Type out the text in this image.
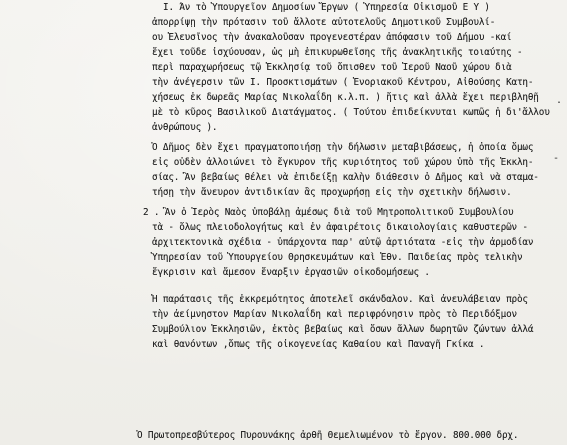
Ι. Άν τὸ Ὑπουργεῖον Δημοσίων Ἔργων ( Ὑπηρεσία Οἰκισμοῦ Ε Υ )
ἀπορρίψῃ τὴν πρότασιν τοῦ ἄλλοτε αὐτοτελοῦς Δημοτικοῦ Συμβουλί-
ου Ἐλευσῖνος τὴν ἀνακαλοῦσαν προγενεστέραν ἀπόφασιν τοῦ Δήμου -καί
ἔχει τοῦδε ἰσχύουσαν, ὡς μὴ ἐπικυρωθεῖσης τῆς ἀνακλητικῆς τοιαύτης -
περὶ παραχωρήσεως τῷ Ἐκκλησίᾳ τοῦ ὄπισθεν τοῦ Ἱεροῦ Ναοῦ χώρου διὰ
τὴν ἀνέγερσιν τῶν Ι. Προσκτισμάτων ( Ἐνοριακοῦ Κέντρου, Αἰθούσης Κατη-
χήσεως ἐκ δωρεᾶς Μαρίας Νικολαΐδη κ.λ.π. ) ἥτις καὶ ἀλλὰ ἔχει περιβληθῇ
μὲ τὸ κῦρος Βασιλικοῦ Διατάγματος. ( Τούτου ἐπιδείκνυται κωπῶς ἡ δι'ἄλλου
ἀνθρώπους ).
Ὁ Δῆμος δὲν ἔχει πραγματοποιήσῃ τὴν δήλωσιν μεταβιβάσεως, ἡ ὁποία ὅμως
εἰς οὐδὲν ἀλλοιώνει τὸ ἔγκυρον τῆς κυριότητος τοῦ χώρου ὑπὸ τῆς Ἐκκλη-
σίας. Ἂν βεβαίως θέλει νὰ ἐπιδείξῃ καλὴν διάθεσιν ὁ Δῆμος καὶ νὰ σταμα-
τήσῃ τὴν ἄνευρον ἀντιδικίαν ἂς προχωρήσῃ εἰς τὴν σχετικὴν δήλωσιν.
2 . Ἂν ὁ Ἱερὸς Ναὸς ὑποβάλῃ ἀμέσως διὰ τοῦ Μητροπολιτικοῦ Συμβουλίου
τὰ - ὅλως πλειοδολογήτως καὶ ἐν ἀφαιρέτοις δικαιολογίαις καθυστερῶν -
ἀρχιτεκτονικὰ σχέδια - ὑπάρχοντα παρ' αὐτῷ ἀρτιότατα -εἰς τὴν ἁρμοδίαν
Ὑπηρεσίαν τοῦ Ὑπουργείου Θρησκευμάτων καὶ Ἐθν. Παιδείας πρὸς τελικὴν
ἔγκρισιν καὶ ἄμεσον ἔναρξιν ἐργασιῶν οἰκοδομήσεως .
Ἡ παράτασις τῆς ἐκκρεμότητος ἀποτελεῖ σκάνδαλον. Καὶ ἀνευλάβειαν πρὸς
τὴν ἀείμνηστον Μαρίαν Νικολαΐδη καὶ περιφρόνησιν πρὸς τὸ Περιδόξμον
Συμβούλιον Ἐκκλησιῶν, ἐκτὸς βεβαίως καὶ ὅσων ἄλλων δωρητῶν ζώντων ἀλλά
καὶ θανόντων ,ὅπως τῆς οἰκογενείας Καθαίου καὶ Παναγῆ Γκίκα .
Ὁ Πρωτοπρεσβύτερος Πυρουνάκης ἀρθῆ Θεμελιωμένον τὸ ἔργον. 800.000 δρχ.
.
-
